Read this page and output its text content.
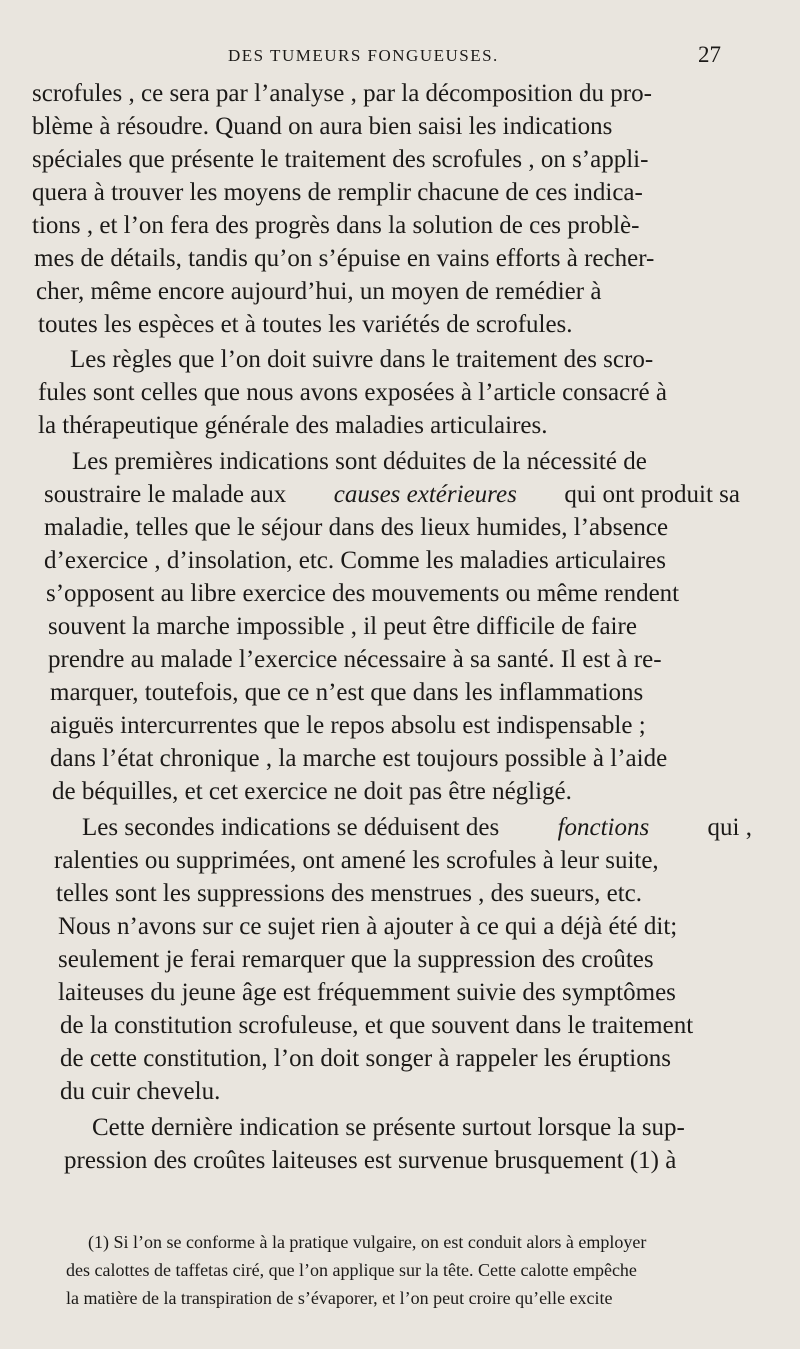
DES TUMEURS FONGUEUSES.	27
scrofules , ce sera par l’analyse , par la décomposition du pro-
blème à résoudre. Quand on aura bien saisi les indications
spéciales que présente le traitement des scrofules , on s’appli-
quera à trouver les moyens de remplir chacune de ces indica-
tions , et l’on fera des progrès dans la solution de ces problè-
mes de détails, tandis qu’on s’épuise en vains efforts à recher-
cher, même encore aujourd’hui, un moyen de remédier à
toutes les espèces et à toutes les variétés de scrofules.
Les règles que l’on doit suivre dans le traitement des scro-
fules sont celles que nous avons exposées à l’article consacré à
la thérapeutique générale des maladies articulaires.
Les premières indications sont déduites de la nécessité de
soustraire le malade aux causes extérieures qui ont produit sa
maladie, telles que le séjour dans des lieux humides, l’absence
d’exercice , d’insolation, etc. Comme les maladies articulaires
s’opposent au libre exercice des mouvements ou même rendent
souvent la marche impossible , il peut être difficile de faire
prendre au malade l’exercice nécessaire à sa santé. Il est à re-
marquer, toutefois, que ce n’est que dans les inflammations
aiguës intercurrentes que le repos absolu est indispensable ;
dans l’état chronique , la marche est toujours possible à l’aide
de béquilles, et cet exercice ne doit pas être négligé.
Les secondes indications se déduisent des fonctions qui ,
ralenties ou supprimées, ont amené les scrofules à leur suite,
telles sont les suppressions des menstrues , des sueurs, etc.
Nous n’avons sur ce sujet rien à ajouter à ce qui a déjà été dit;
seulement je ferai remarquer que la suppression des croûtes
laiteuses du jeune âge est fréquemment suivie des symptômes
de la constitution scrofuleuse, et que souvent dans le traitement
de cette constitution, l’on doit songer à rappeler les éruptions
du cuir chevelu.
Cette dernière indication se présente surtout lorsque la sup-
pression des croûtes laiteuses est survenue brusquement (1) à
(1) Si l’on se conforme à la pratique vulgaire, on est conduit alors à employer
des calottes de taffetas ciré, que l’on applique sur la tête. Cette calotte empêche
la matière de la transpiration de s’évaporer, et l’on peut croire qu’elle excite
